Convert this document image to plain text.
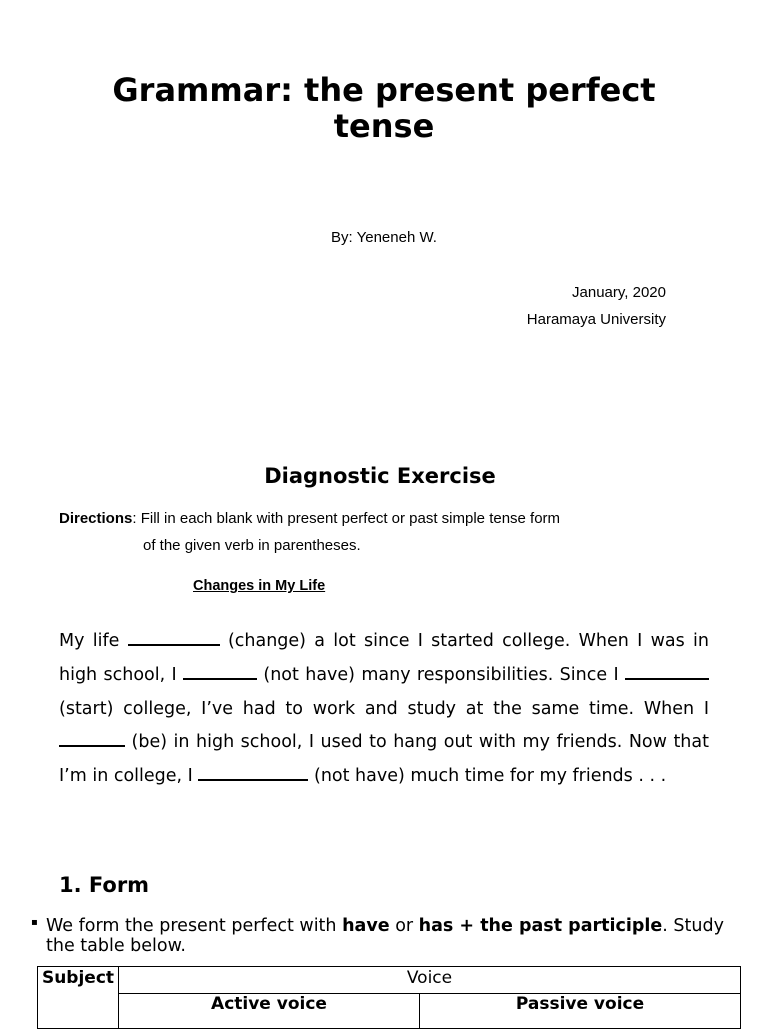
Grammar: the present perfect tense
By: Yeneneh W.
January, 2020
Haramaya University
Diagnostic Exercise
Directions: Fill in each blank with present perfect or past simple tense form
of the given verb in parentheses.
Changes in My Life
My life	(change) a lot since I started college. When I was in high school, I	(not have) many responsibilities. Since I  (start) college, I’ve had to work and study at the same time. When I  (be) in high school, I used to hang out with my friends. Now that I’m in college, I	(not have) much time for my friends . . .
1. Form
▪ We form the present perfect with have or has + the past participle. Study the table below.
Subject	Voice	
	Active voice	Passive voice
